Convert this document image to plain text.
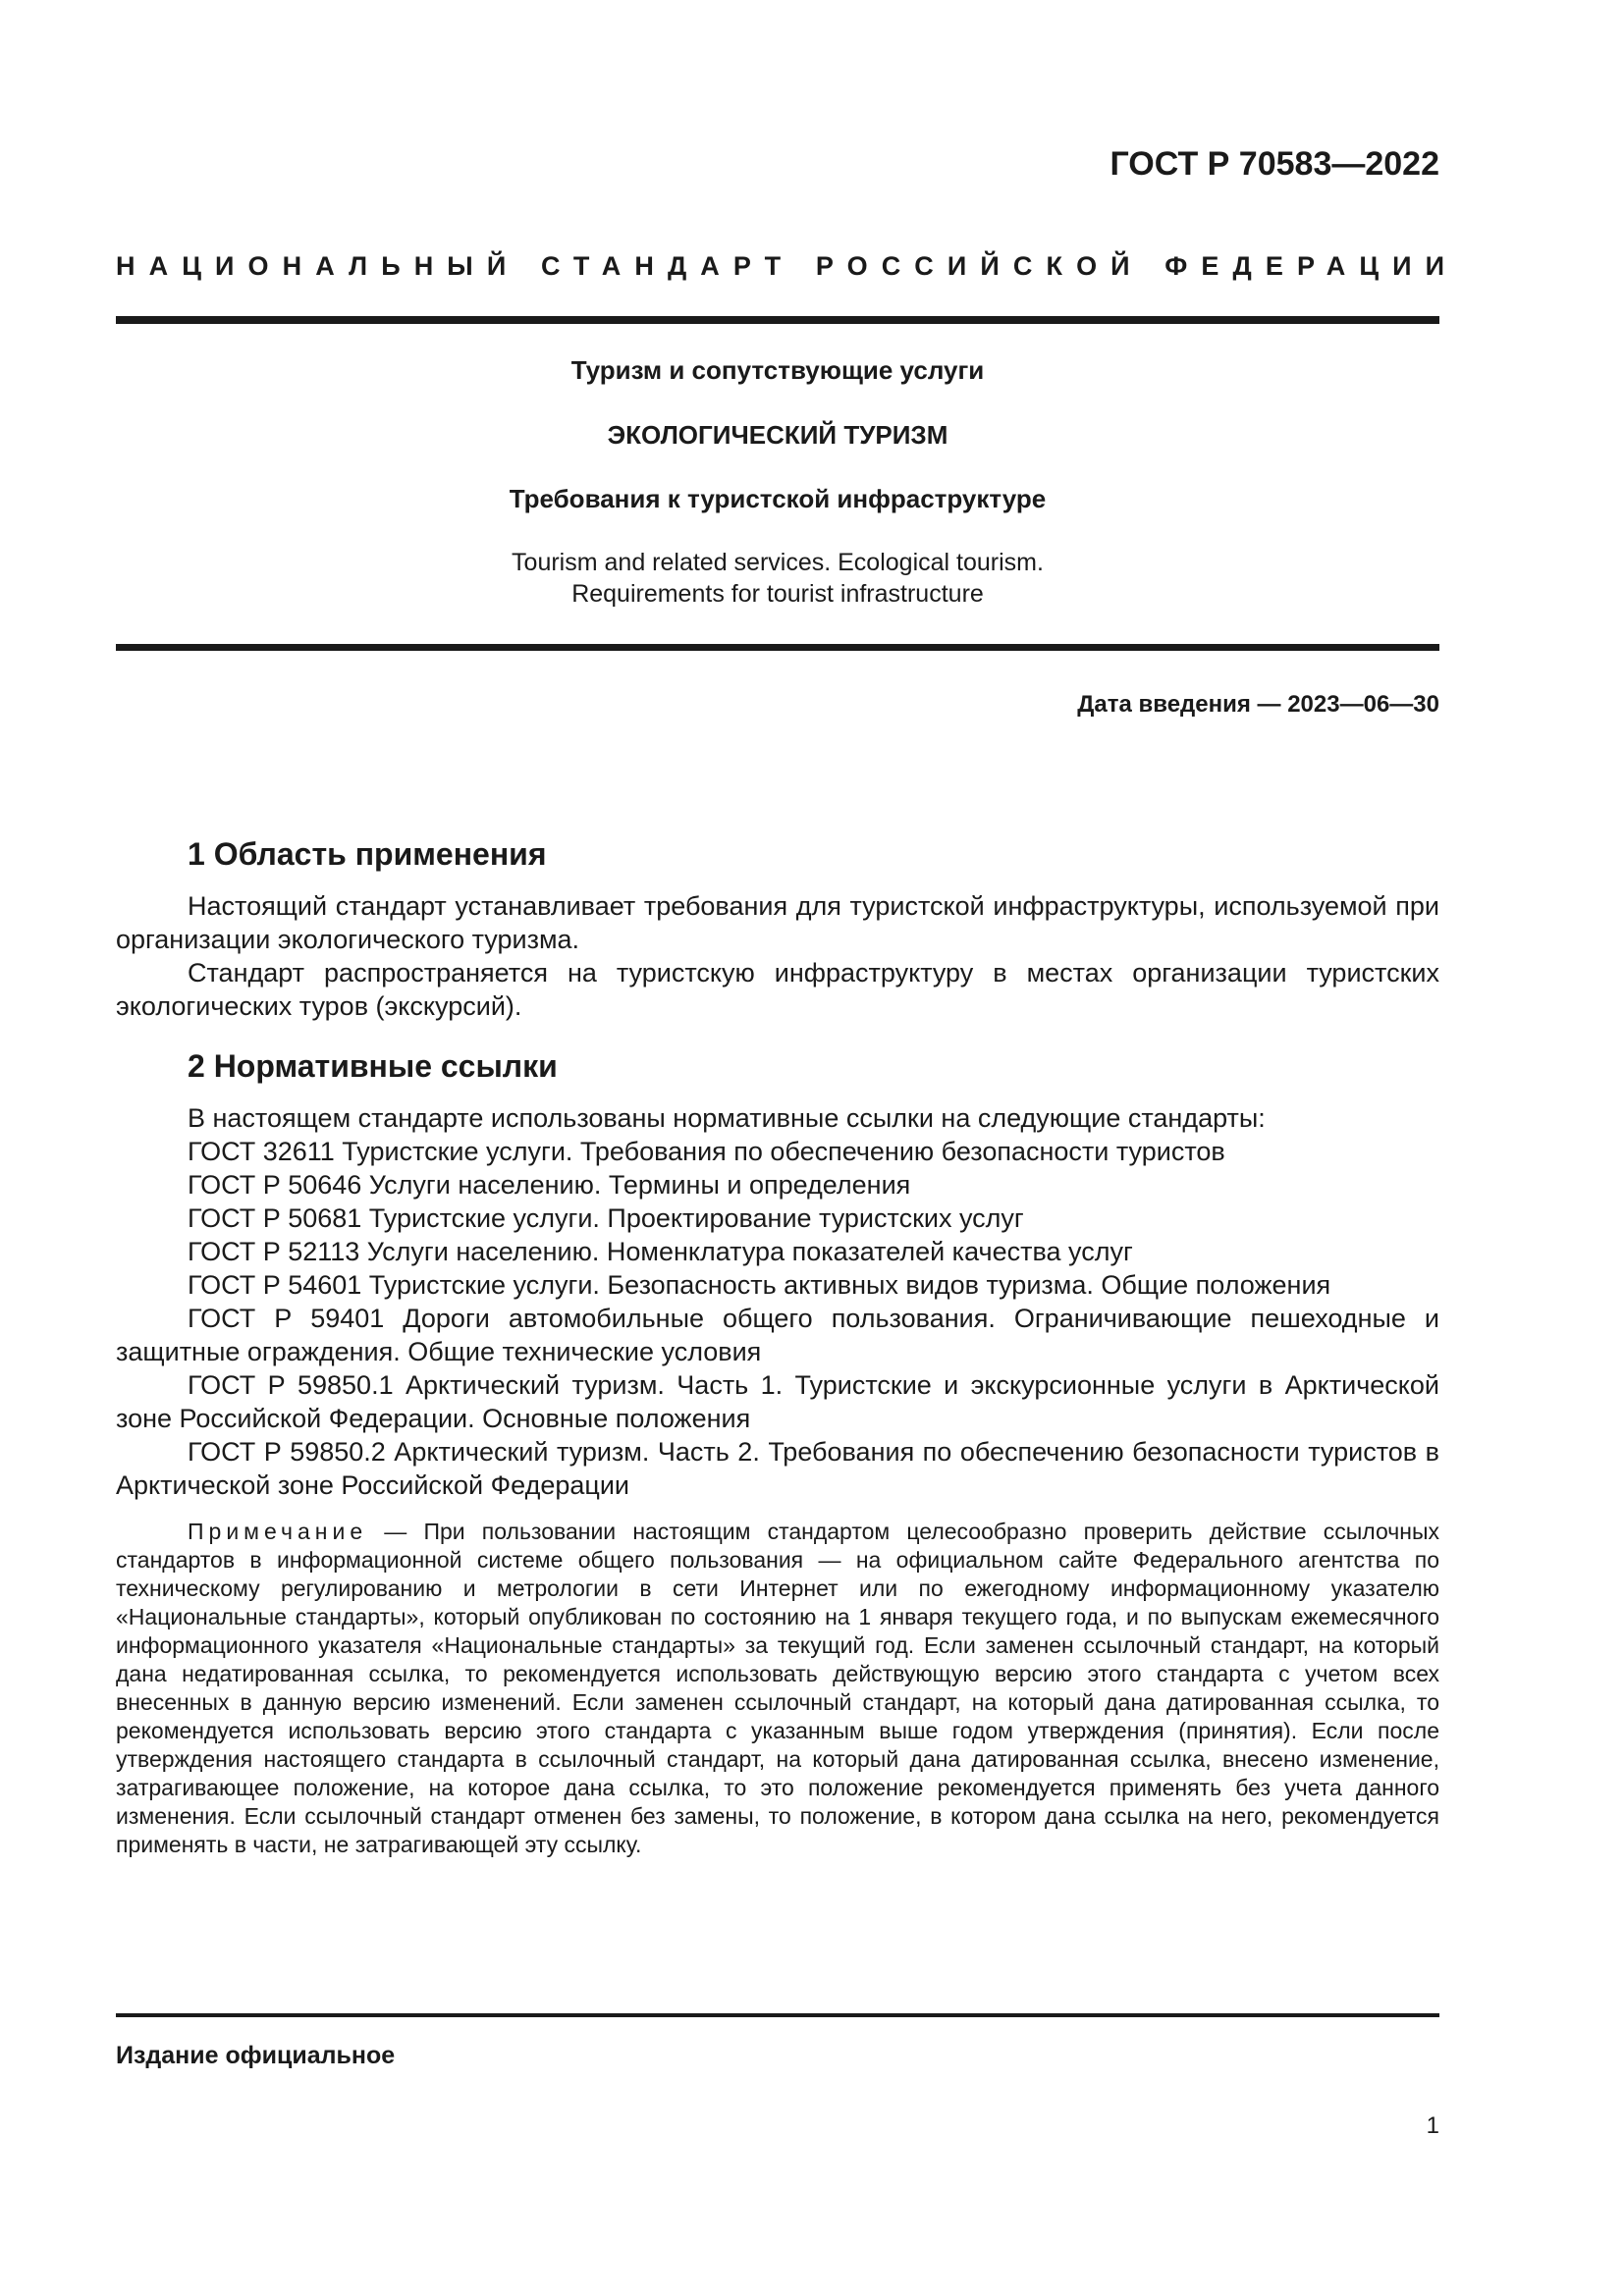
ГОСТ Р 70583—2022
НАЦИОНАЛЬНЫЙ СТАНДАРТ РОССИЙСКОЙ ФЕДЕРАЦИИ
Туризм и сопутствующие услуги
ЭКОЛОГИЧЕСКИЙ ТУРИЗМ
Требования к туристской инфраструктуре
Tourism and related services. Ecological tourism.
Requirements for tourist infrastructure
Дата введения — 2023—06—30
1 Область применения

Настоящий стандарт устанавливает требования для туристской инфраструктуры, используемой при организации экологического туризма.

Стандарт распространяется на туристскую инфраструктуру в местах организации туристских экологических туров (экскурсий).

2 Нормативные ссылки

В настоящем стандарте использованы нормативные ссылки на следующие стандарты:

ГОСТ 32611 Туристские услуги. Требования по обеспечению безопасности туристов

ГОСТ Р 50646 Услуги населению. Термины и определения

ГОСТ Р 50681 Туристские услуги. Проектирование туристских услуг

ГОСТ Р 52113 Услуги населению. Номенклатура показателей качества услуг

ГОСТ Р 54601 Туристские услуги. Безопасность активных видов туризма. Общие положения

ГОСТ Р 59401 Дороги автомобильные общего пользования. Ограничивающие пешеходные и защитные ограждения. Общие технические условия

ГОСТ Р 59850.1 Арктический туризм. Часть 1. Туристские и экскурсионные услуги в Арктической зоне Российской Федерации. Основные положения

ГОСТ Р 59850.2 Арктический туризм. Часть 2. Требования по обеспечению безопасности туристов в Арктической зоне Российской Федерации

Примечание — При пользовании настоящим стандартом целесообразно проверить действие ссылочных стандартов в информационной системе общего пользования — на официальном сайте Федерального агентства по техническому регулированию и метрологии в сети Интернет или по ежегодному информационному указателю «Национальные стандарты», который опубликован по состоянию на 1 января текущего года, и по выпускам ежемесячного информационного указателя «Национальные стандарты» за текущий год. Если заменен ссылочный стандарт, на который дана недатированная ссылка, то рекомендуется использовать действующую версию этого стандарта с учетом всех внесенных в данную версию изменений. Если заменен ссылочный стандарт, на который дана датированная ссылка, то рекомендуется использовать версию этого стандарта с указанным выше годом утверждения (принятия). Если после утверждения настоящего стандарта в ссылочный стандарт, на который дана датированная ссылка, внесено изменение, затрагивающее положение, на которое дана ссылка, то это положение рекомендуется применять без учета данного изменения. Если ссылочный стандарт отменен без замены, то положение, в котором дана ссылка на него, рекомендуется применять в части, не затрагивающей эту ссылку.

Издание официальное
1
